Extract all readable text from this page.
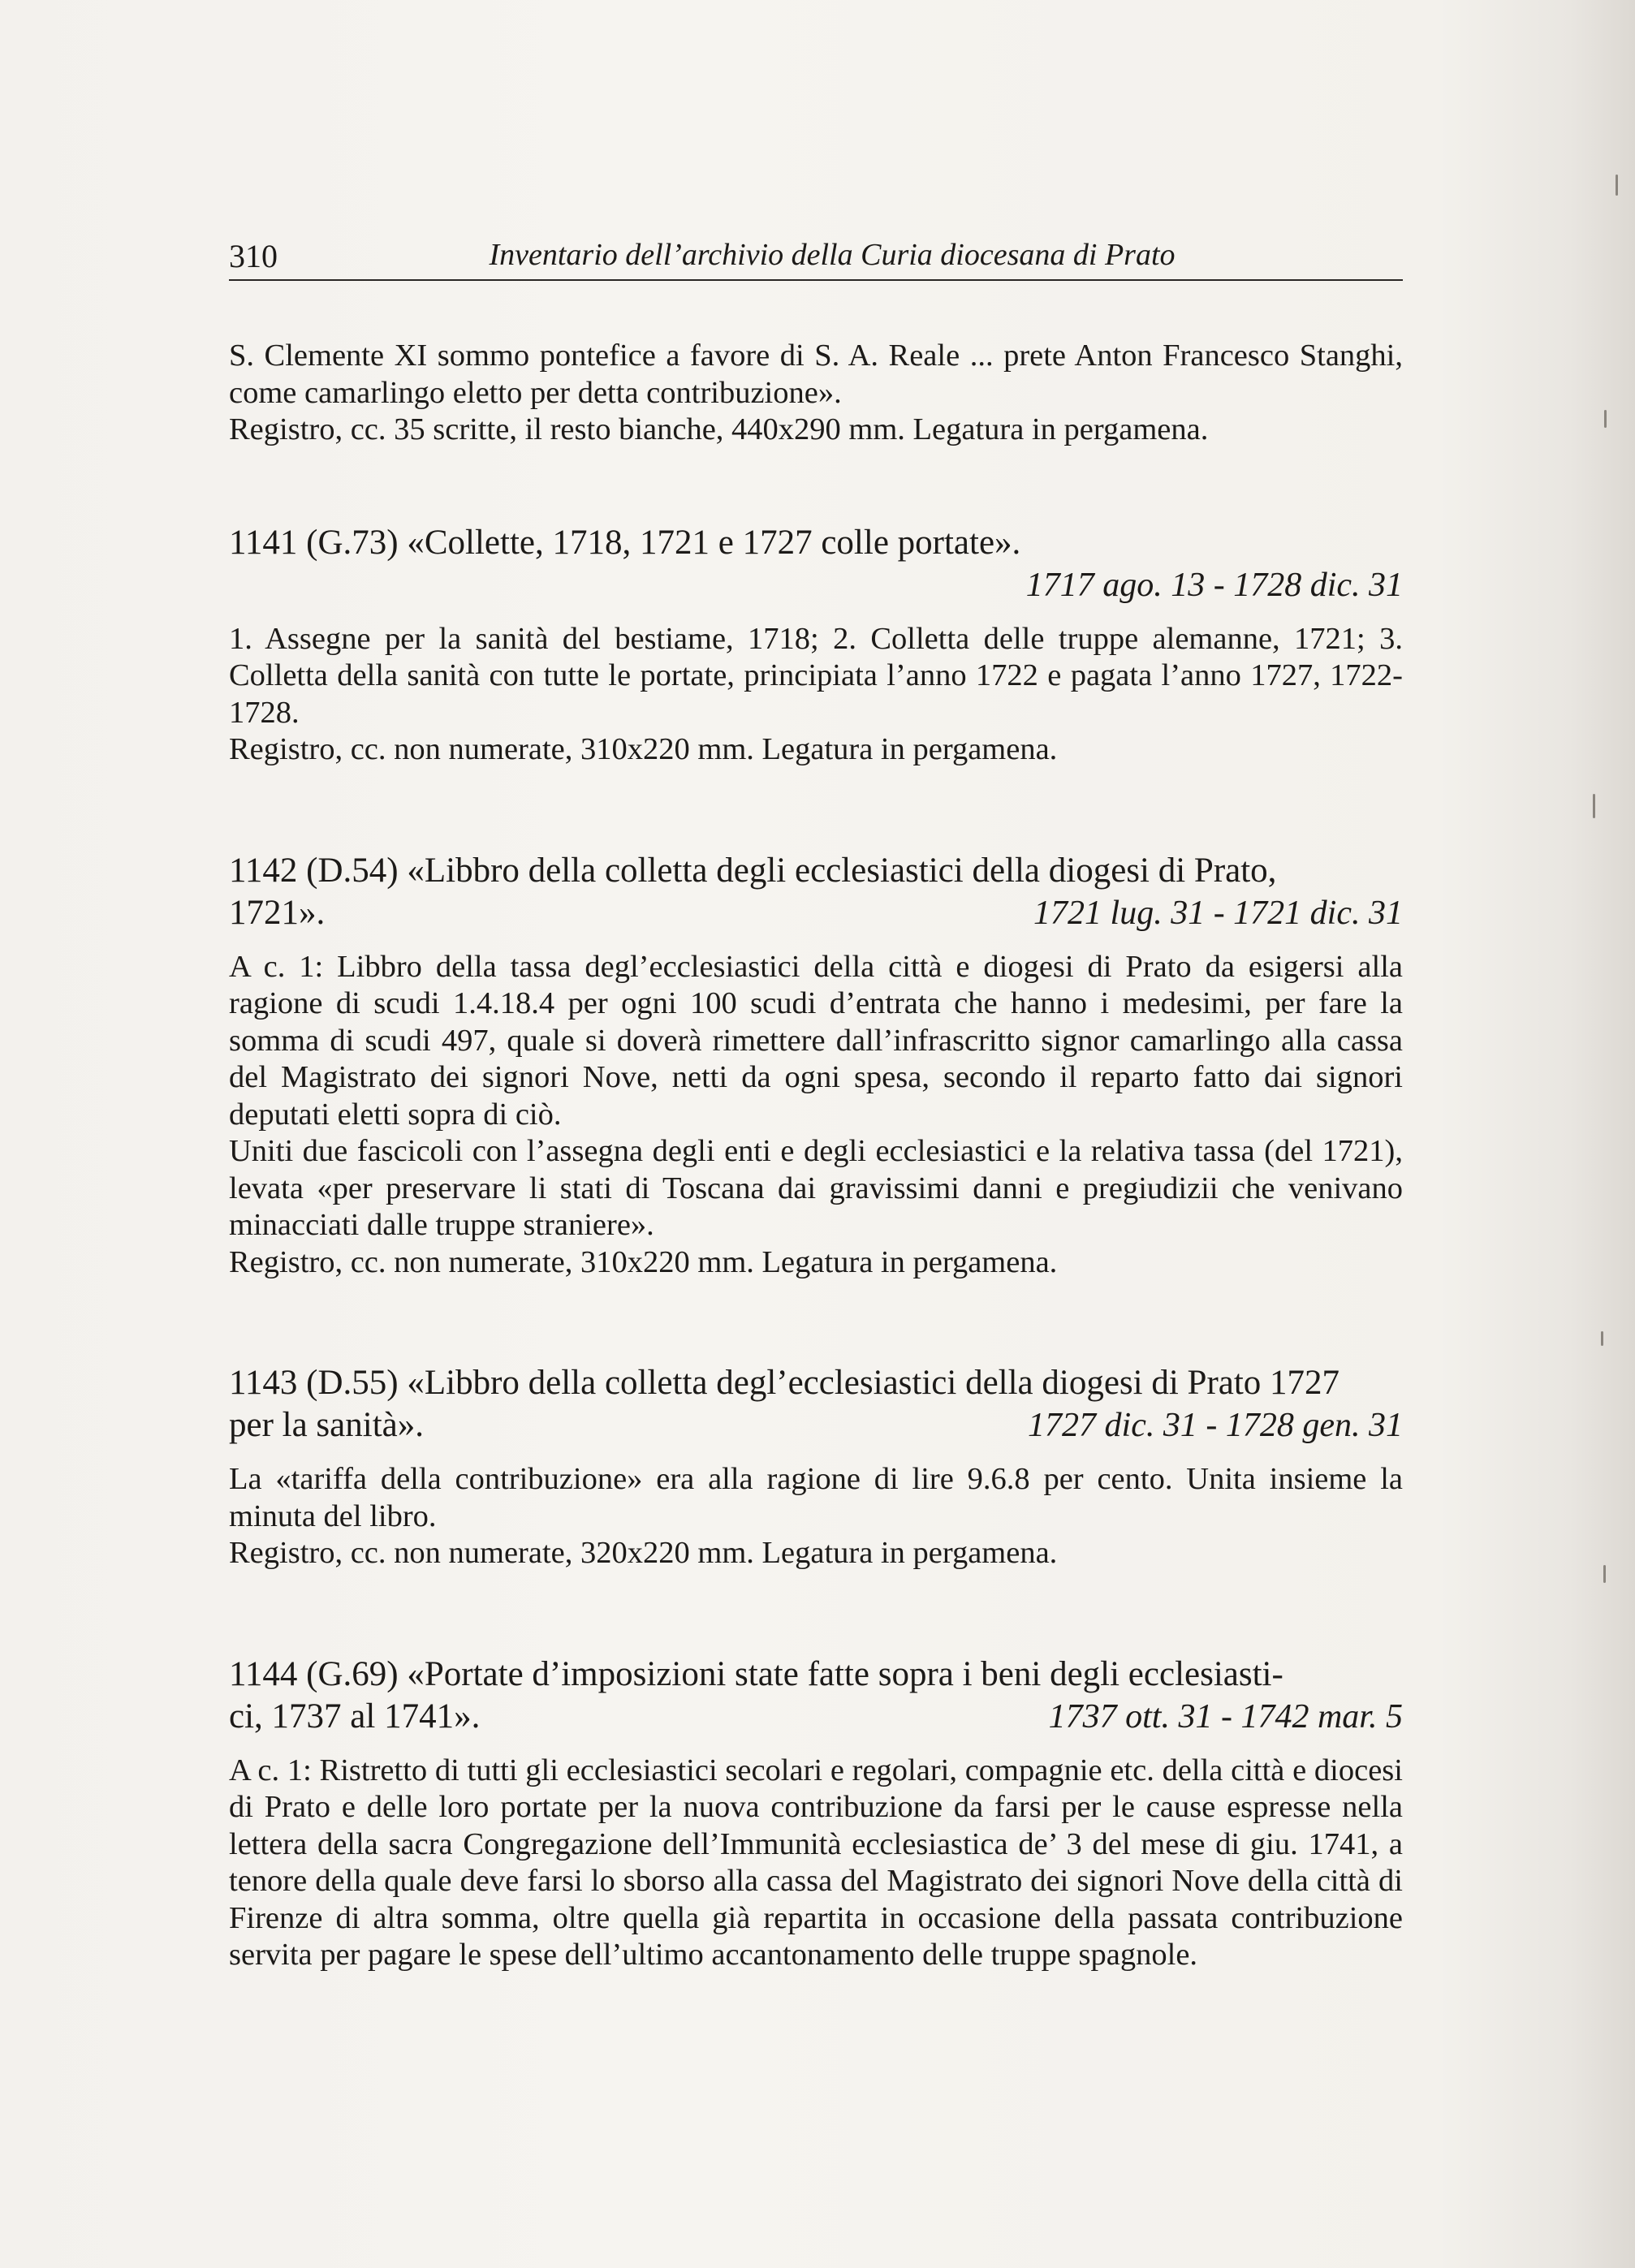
310	Inventario dell’archivio della Curia diocesana di Prato

S. Clemente XI sommo pontefice a favore di S. A. Reale ... prete Anton Francesco Stanghi, come camarlingo eletto per detta contribuzione».

Registro, cc. 35 scritte, il resto bianche, 440x290 mm. Legatura in pergamena.

1141 (G.73) «Collette, 1718, 1721 e 1727 colle portate».

1717 ago. 13 - 1728 dic. 31

1. Assegne per la sanità del bestiame, 1718; 2. Colletta delle truppe alemanne, 1721; 3. Colletta della sanità con tutte le portate, principiata l’anno 1722 e pagata l’anno 1727, 1722-1728.

Registro, cc. non numerate, 310x220 mm. Legatura in pergamena.

1142 (D.54) «Libbro della colletta degli ecclesiastici della diogesi di Prato,

1721».	1721 lug. 31 - 1721 dic. 31

A c. 1: Libbro della tassa degl’ecclesiastici della città e diogesi di Prato da esigersi alla ragione di scudi 1.4.18.4 per ogni 100 scudi d’entrata che hanno i medesimi, per fare la somma di scudi 497, quale si doverà rimettere dall’infrascritto signor camarlingo alla cassa del Magistrato dei signori Nove, netti da ogni spesa, secondo il reparto fatto dai signori deputati eletti sopra di ciò.

Uniti due fascicoli con l’assegna degli enti e degli ecclesiastici e la relativa tassa (del 1721), levata «per preservare li stati di Toscana dai gravissimi danni e pregiudizii che venivano minacciati dalle truppe straniere».

Registro, cc. non numerate, 310x220 mm. Legatura in pergamena.

1143 (D.55) «Libbro della colletta degl’ecclesiastici della diogesi di Prato 1727

per la sanità».	1727 dic. 31 - 1728 gen. 31

La «tariffa della contribuzione» era alla ragione di lire 9.6.8 per cento. Unita insieme la minuta del libro.

Registro, cc. non numerate, 320x220 mm. Legatura in pergamena.

1144 (G.69) «Portate d’imposizioni state fatte sopra i beni degli ecclesiasti-

ci, 1737 al 1741».	1737 ott. 31 - 1742 mar. 5

A c. 1: Ristretto di tutti gli ecclesiastici secolari e regolari, compagnie etc. della città e diocesi di Prato e delle loro portate per la nuova contribuzione da farsi per le cause espresse nella lettera della sacra Congregazione dell’Immunità ecclesiastica de’ 3 del mese di giu. 1741, a tenore della quale deve farsi lo sborso alla cassa del Magistrato dei signori Nove della città di Firenze di altra somma, oltre quella già repartita in occasione della passata contribuzione servita per pagare le spese dell’ultimo accantonamento delle truppe spagnole.
